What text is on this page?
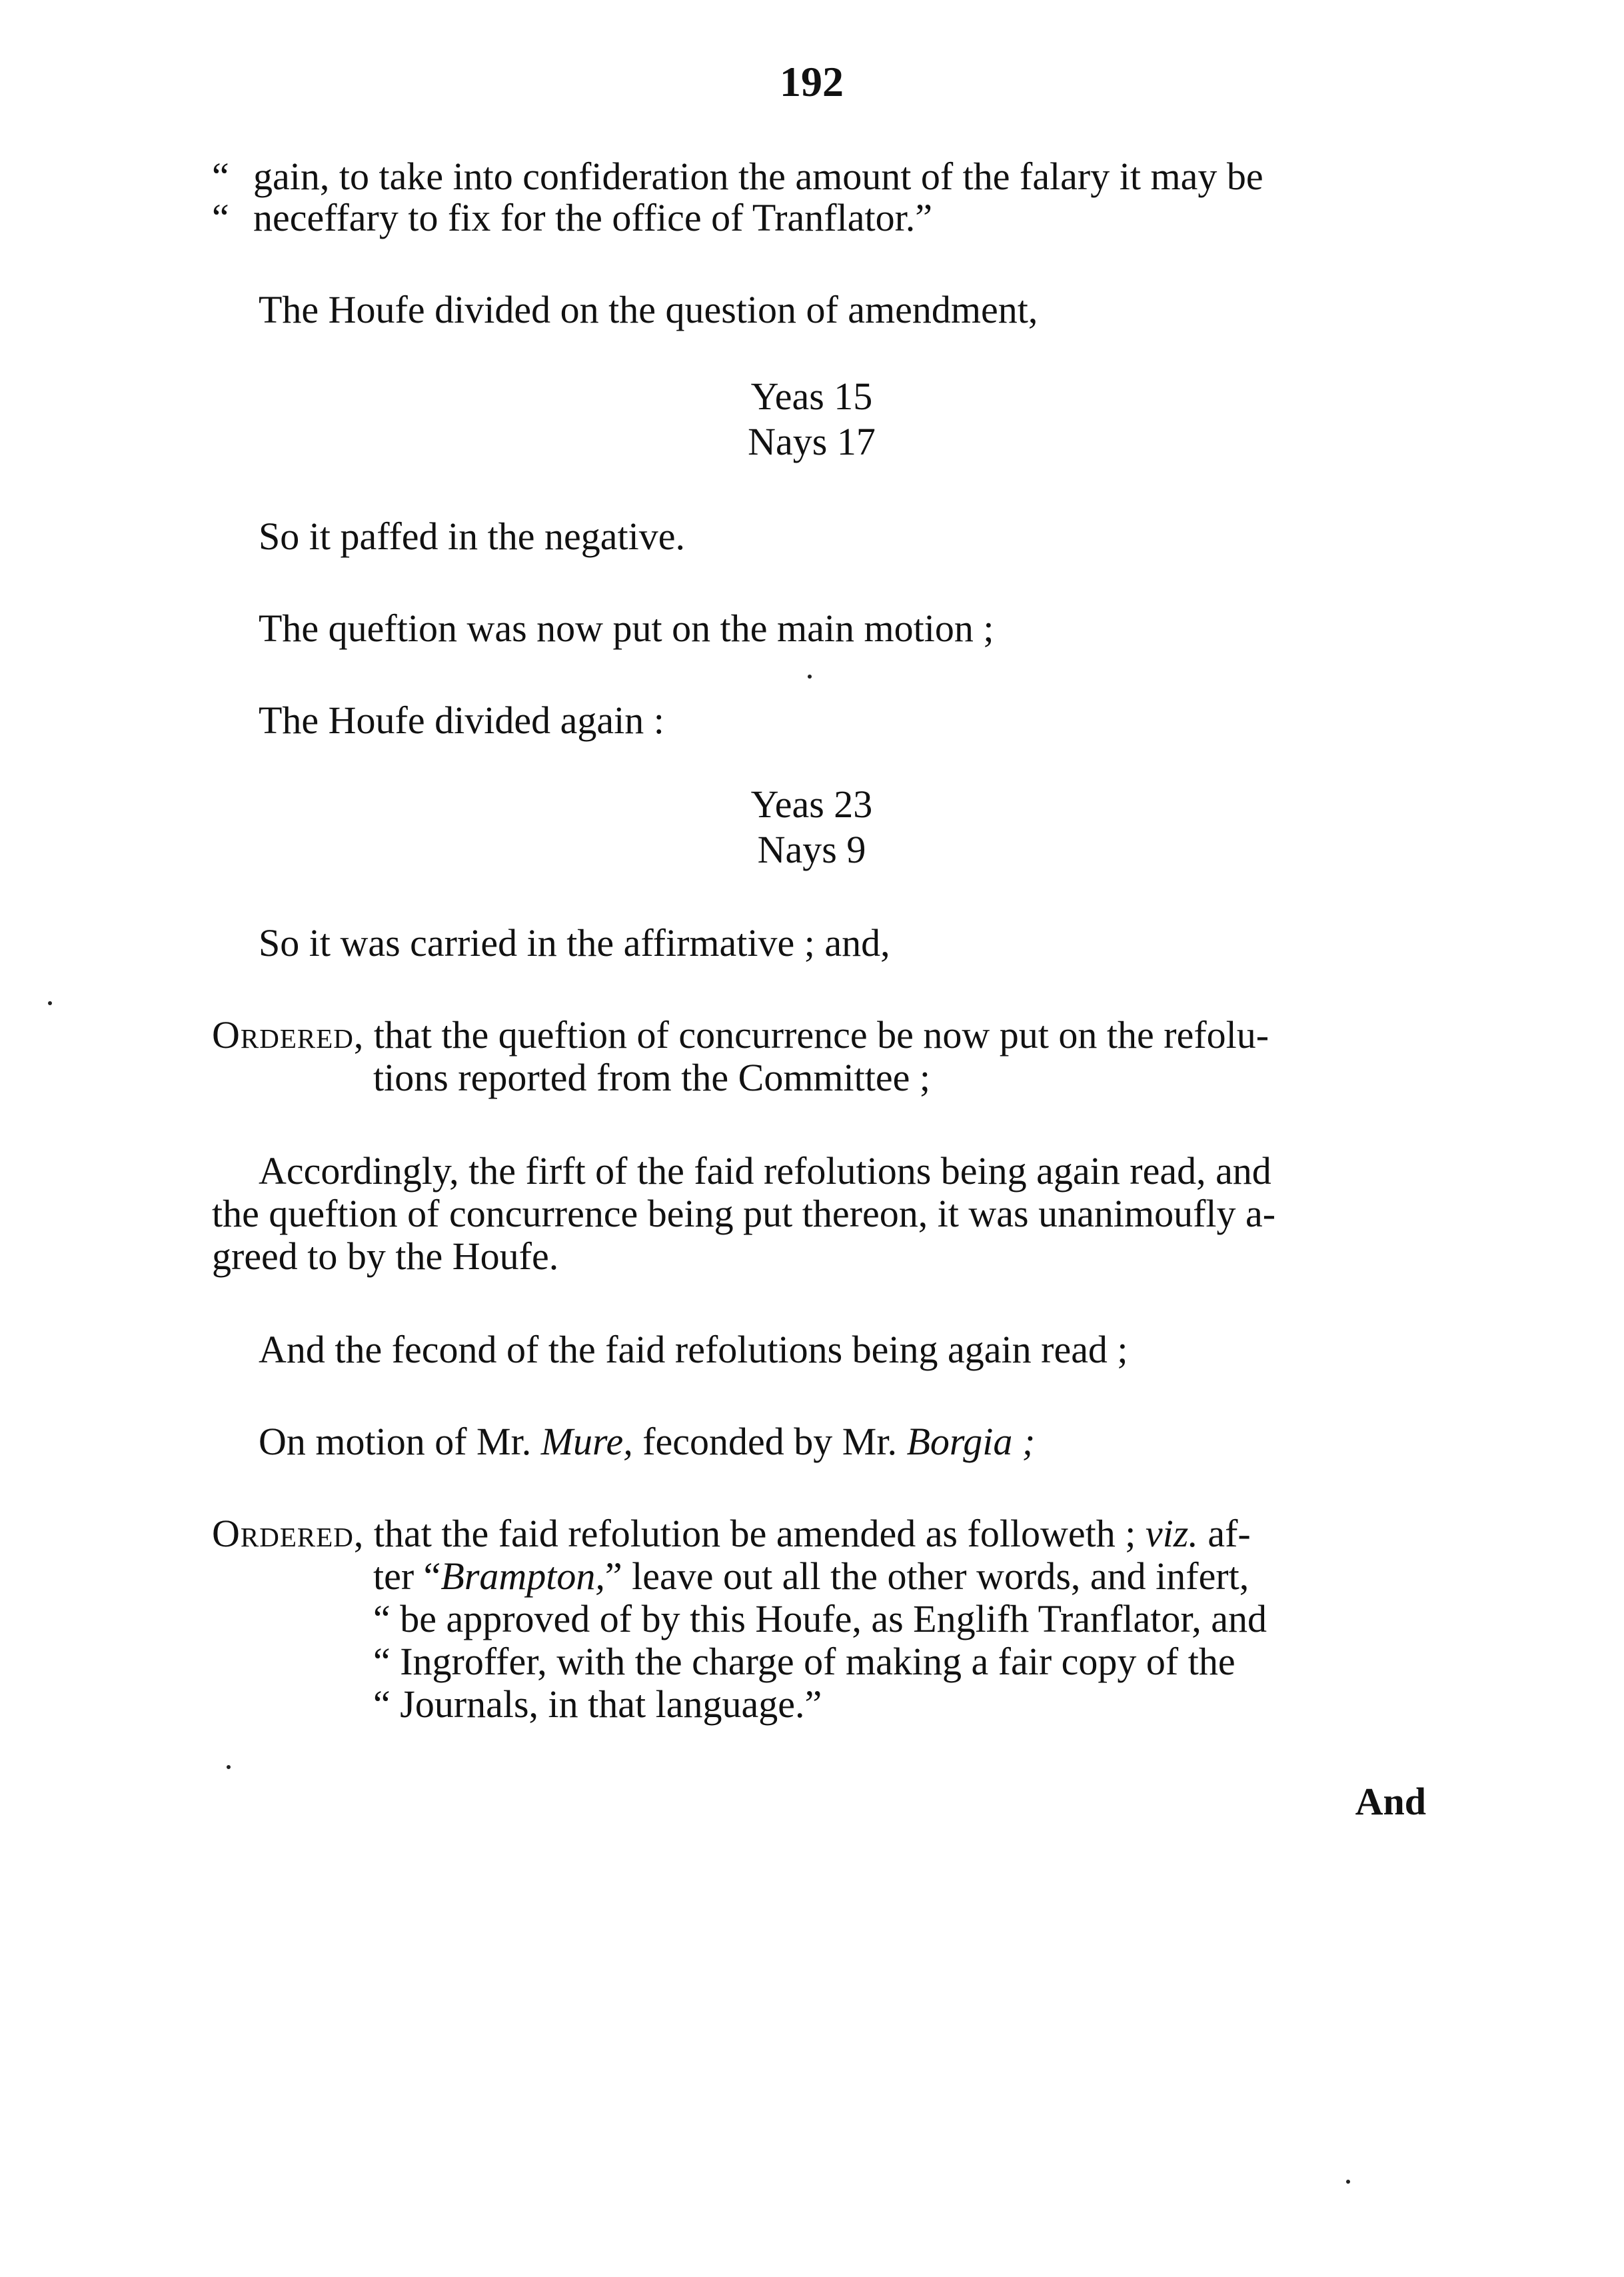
192
“ gain, to take into confideration the amount of the falary it may be
“ neceffary to fix for the office of Tranflator.”
The Houfe divided on the question of amendment,
Yeas 15
Nays 17
So it paffed in the negative.
The queftion was now put on the main motion ;
The Houfe divided again :
Yeas 23
Nays 9
So it was carried in the affirmative ; and,
Ordered, that the queftion of concurrence be now put on the refolu-
tions reported from the Committee ;
Accordingly, the firft of the faid refolutions being again read, and
the queftion of concurrence being put thereon, it was unanimoufly a-
greed to by the Houfe.
And the fecond of the faid refolutions being again read ;
On motion of Mr. Mure, feconded by Mr. Borgia ;
Ordered, that the faid refolution be amended as followeth ; viz. af-
ter “Brampton,” leave out all the other words, and infert,
“ be approved of by this Houfe, as Englifh Tranflator, and
“ Ingroffer, with the charge of making a fair copy of the
“ Journals, in that language.”
And
